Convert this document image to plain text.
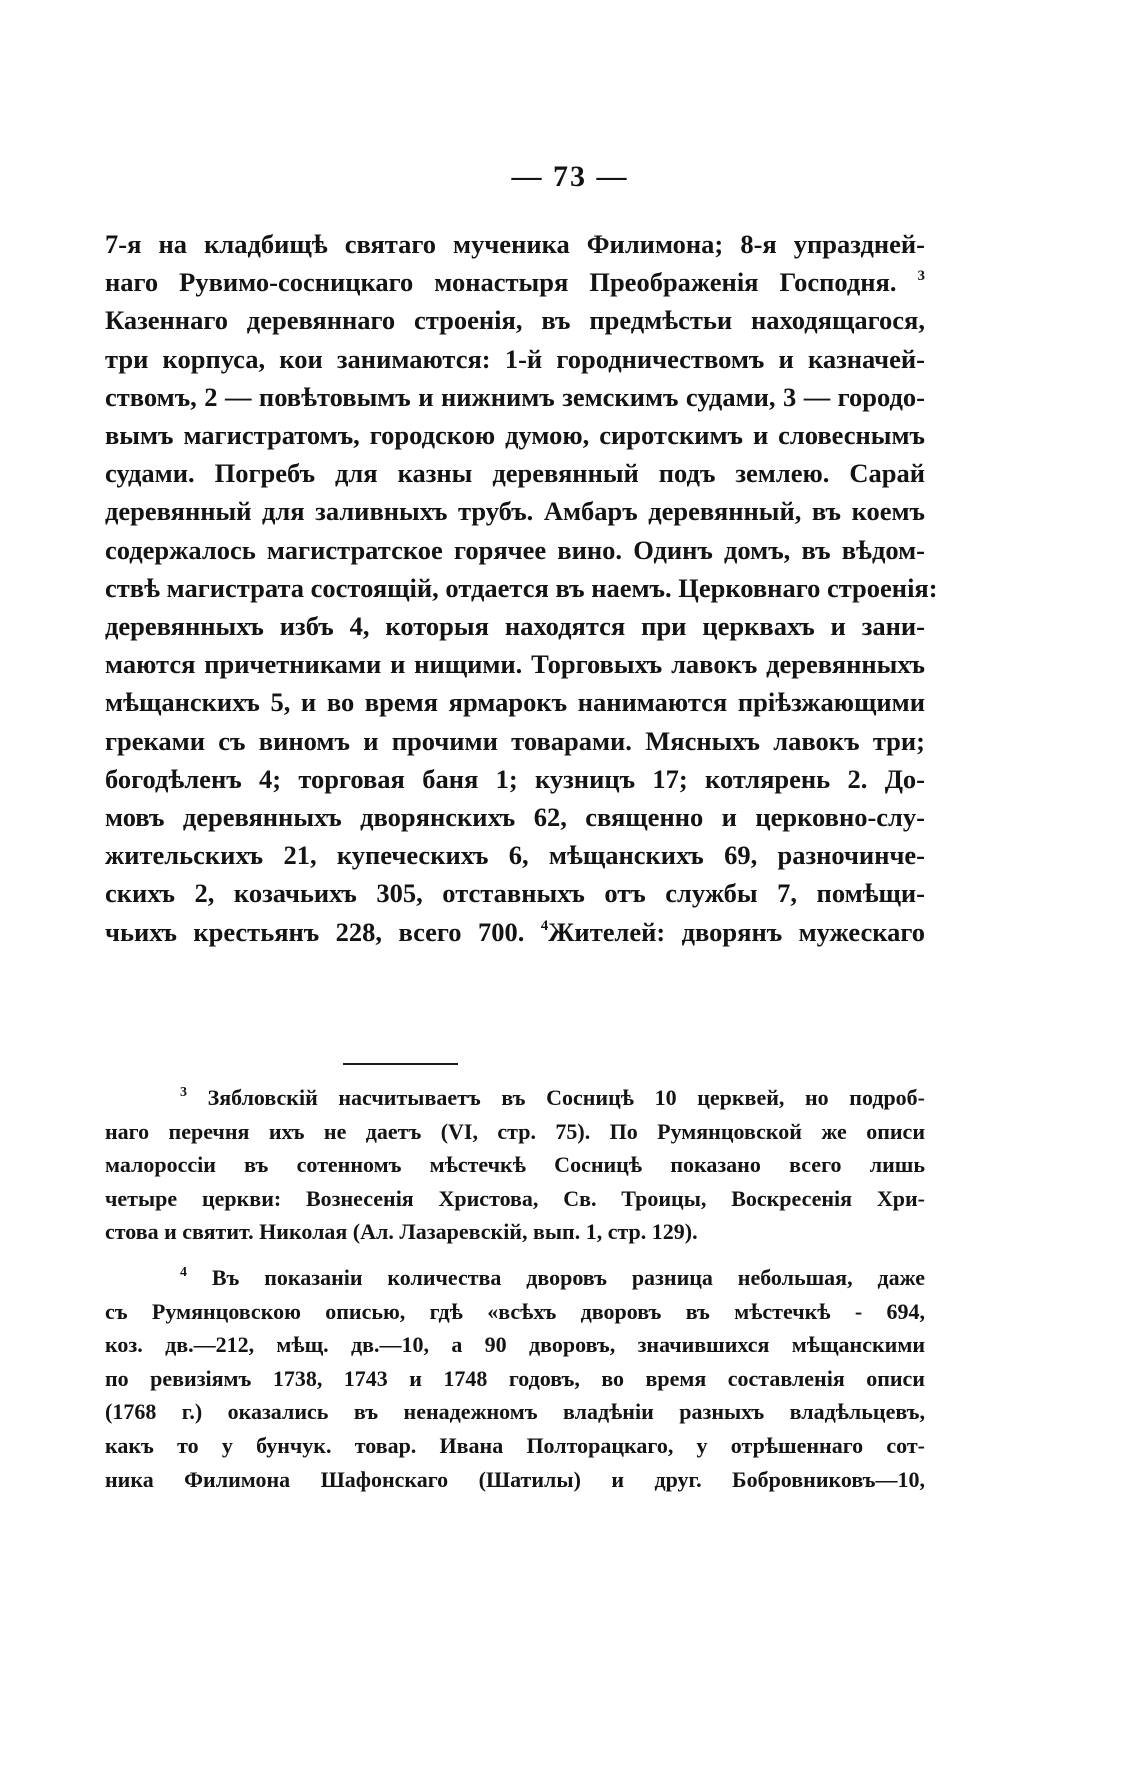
— 73 —
7-я на кладбищѣ святаго мученика Филимона; 8-я упраздней-
наго Рувимо-сосницкаго монастыря Преображенія Господня. $^3$
Казеннаго деревяннаго строенія, въ предмѣстьи находящагося,
три корпуса, кои занимаются: 1-й городничествомъ и казначей-
ствомъ, 2 — повѣтовымъ и нижнимъ земскимъ судами, 3 — городо-
вымъ магистратомъ, городскою думою, сиротскимъ и словеснымъ
судами. Погребъ для казны деревянный подъ землею. Сарай
деревянный для заливныхъ трубъ. Амбаръ деревянный, въ коемъ
содержалось магистратское горячее вино. Одинъ домъ, въ вѣдом-
ствѣ магистрата состоящій, отдается въ наемъ. Церковнаго строенія:
деревянныхъ избъ 4, которыя находятся при церквахъ и зани-
маются причетниками и нищими. Торговыхъ лавокъ деревянныхъ
мѣщанскихъ 5, и во время ярмарокъ нанимаются пріѣзжающими
греками съ виномъ и прочими товарами. Мясныхъ лавокъ три;
богодѣленъ 4; торговая баня 1; кузницъ 17; котлярень 2. До-
мовъ деревянныхъ дворянскихъ 62, священно и церковно-слу-
жительскихъ 21, купеческихъ 6, мѣщанскихъ 69, разночинче-
скихъ 2, козачьихъ 305, отставныхъ отъ службы 7, помѣщи-
чьихъ крестьянъ 228, всего 700. $^4$Жителей: дворянъ мужескаго
$^3$ Зябловскій насчитываетъ въ Сосницѣ 10 церквей, но подроб-
наго перечня ихъ не даетъ (VI, стр. 75). По Румянцовской же описи
малороссіи въ сотенномъ мѣстечкѣ Сосницѣ показано всего лишь
четыре церкви: Вознесенія Христова, Св. Троицы, Воскресенія Хри-
стова и святит. Николая (Ал. Лазаревскій, вып. 1, стр. 129).
$^4$ Въ показаніи количества дворовъ разница небольшая, даже
съ Румянцовскою описью, гдѣ «всѣхъ дворовъ въ мѣстечкѣ - 694,
коз. дв.—212, мѣщ. дв.—10, а 90 дворовъ, значившихся мѣщанскими
по ревизіямъ 1738, 1743 и 1748 годовъ, во время составленія описи
(1768 г.) оказались въ ненадежномъ владѣніи разныхъ владѣльцевъ,
какъ то у бунчук. товар. Ивана Полторацкаго, у отрѣшеннаго сот-
ника Филимона Шафонскаго (Шатилы) и друг. Бобровниковъ—10,
